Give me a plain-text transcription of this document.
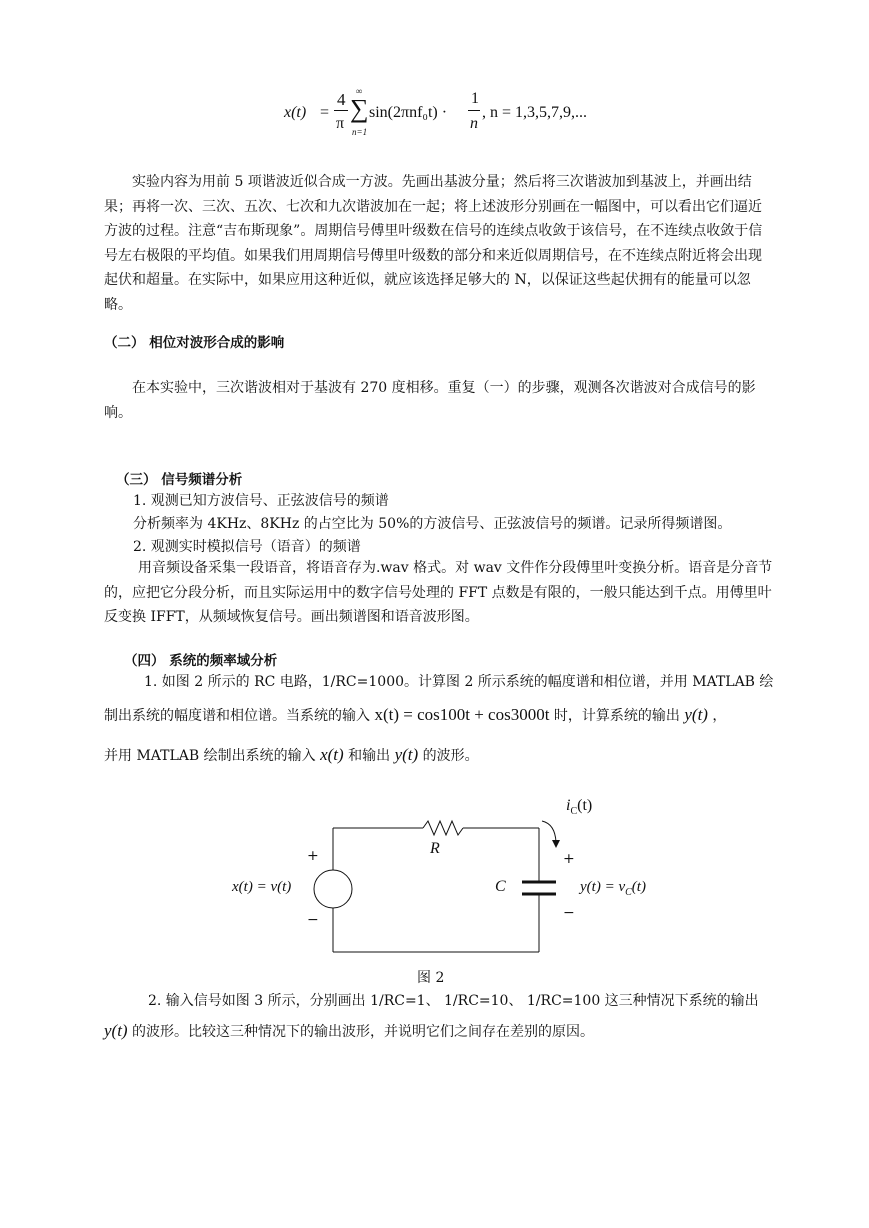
x(t) =
4
π
∞
∑
n=1
sin(2πnf₀t) ·
1
n
, n = 1,3,5,7,9,...
实验内容为用前 5 项谐波近似合成一方波。先画出基波分量；然后将三次谐波加到基波上，并画出结果；再将一次、三次、五次、七次和九次谐波加在一起；将上述波形分别画在一幅图中，可以看出它们逼近方波的过程。注意“吉布斯现象”。周期信号傅里叶级数在信号的连续点收敛于该信号，在不连续点收敛于信号左右极限的平均值。如果我们用周期信号傅里叶级数的部分和来近似周期信号，在不连续点附近将会出现起伏和超量。在实际中，如果应用这种近似，就应该选择足够大的 N，以保证这些起伏拥有的能量可以忽略。
（二） 相位对波形合成的影响
在本实验中，三次谐波相对于基波有 270 度相移。重复（一）的步骤，观测各次谐波对合成信号的影响。
（三） 信号频谱分析
1. 观测已知方波信号、正弦波信号的频谱
分析频率为 4KHz、8KHz 的占空比为 50%的方波信号、正弦波信号的频谱。记录所得频谱图。
2. 观测实时模拟信号（语音）的频谱
用音频设备采集一段语音，将语音存为.wav 格式。对 wav 文件作分段傅里叶变换分析。语音是分音节的，应把它分段分析，而且实际运用中的数字信号处理的 FFT 点数是有限的，一般只能达到千点。用傅里叶反变换 IFFT，从频域恢复信号。画出频谱图和语音波形图。
（四） 系统的频率域分析
1. 如图 2 所示的 RC 电路，1/RC=1000。计算图 2 所示系统的幅度谱和相位谱，并用 MATLAB 绘
制出系统的幅度谱和相位谱。当系统的输入 x(t) = cos100t + cos3000t 时，计算系统的输出 y(t) ，
并用 MATLAB 绘制出系统的输入 x(t) 和输出 y(t) 的波形。
$i_C(t)$
R
C
+
−
+
−
x(t) = v(t)	$y(t) = v_C(t)$
图 2
2. 输入信号如图 3 所示，分别画出 1/RC=1、 1/RC=10、 1/RC=100 这三种情况下系统的输出
y(t) 的波形。比较这三种情况下的输出波形，并说明它们之间存在差别的原因。
